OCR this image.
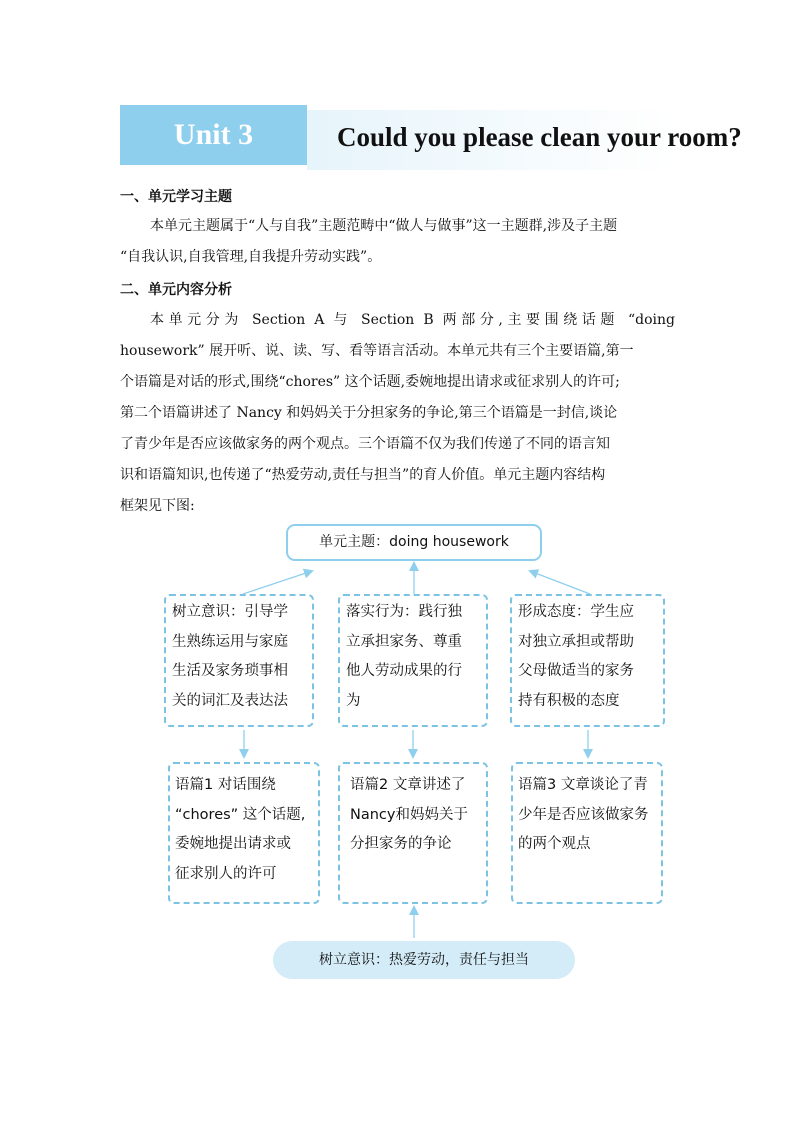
Unit 3	Could you please clean your room?
一、单元学习主题
本单元主题属于“人与自我”主题范畴中“做人与做事”这一主题群,涉及子主题
“自我认识,自我管理,自我提升劳动实践”。
二、单元内容分析
本单元分为 Section A 与 Section B 两部分,主要围绕话题 “doing
housework” 展开听、说、读、写、看等语言活动。本单元共有三个主要语篇,第一
个语篇是对话的形式,围绕“chores” 这个话题,委婉地提出请求或征求别人的许可;
第二个语篇讲述了 Nancy 和妈妈关于分担家务的争论,第三个语篇是一封信,谈论
了青少年是否应该做家务的两个观点。三个语篇不仅为我们传递了不同的语言知
识和语篇知识,也传递了“热爱劳动,责任与担当”的育人价值。单元主题内容结构
框架见下图:
单元主题：doing housework
树立意识：引导学
生熟练运用与家庭
生活及家务琐事相
关的词汇及表达法
落实行为：践行独
立承担家务、尊重
他人劳动成果的行
为
形成态度：学生应
对独立承担或帮助
父母做适当的家务
持有积极的态度
语篇1 对话围绕
“chores” 这个话题,
委婉地提出请求或
征求别人的许可
语篇2 文章讲述了
Nancy和妈妈关于
分担家务的争论
语篇3 文章谈论了青
少年是否应该做家务
的两个观点
树立意识：热爱劳动，责任与担当
